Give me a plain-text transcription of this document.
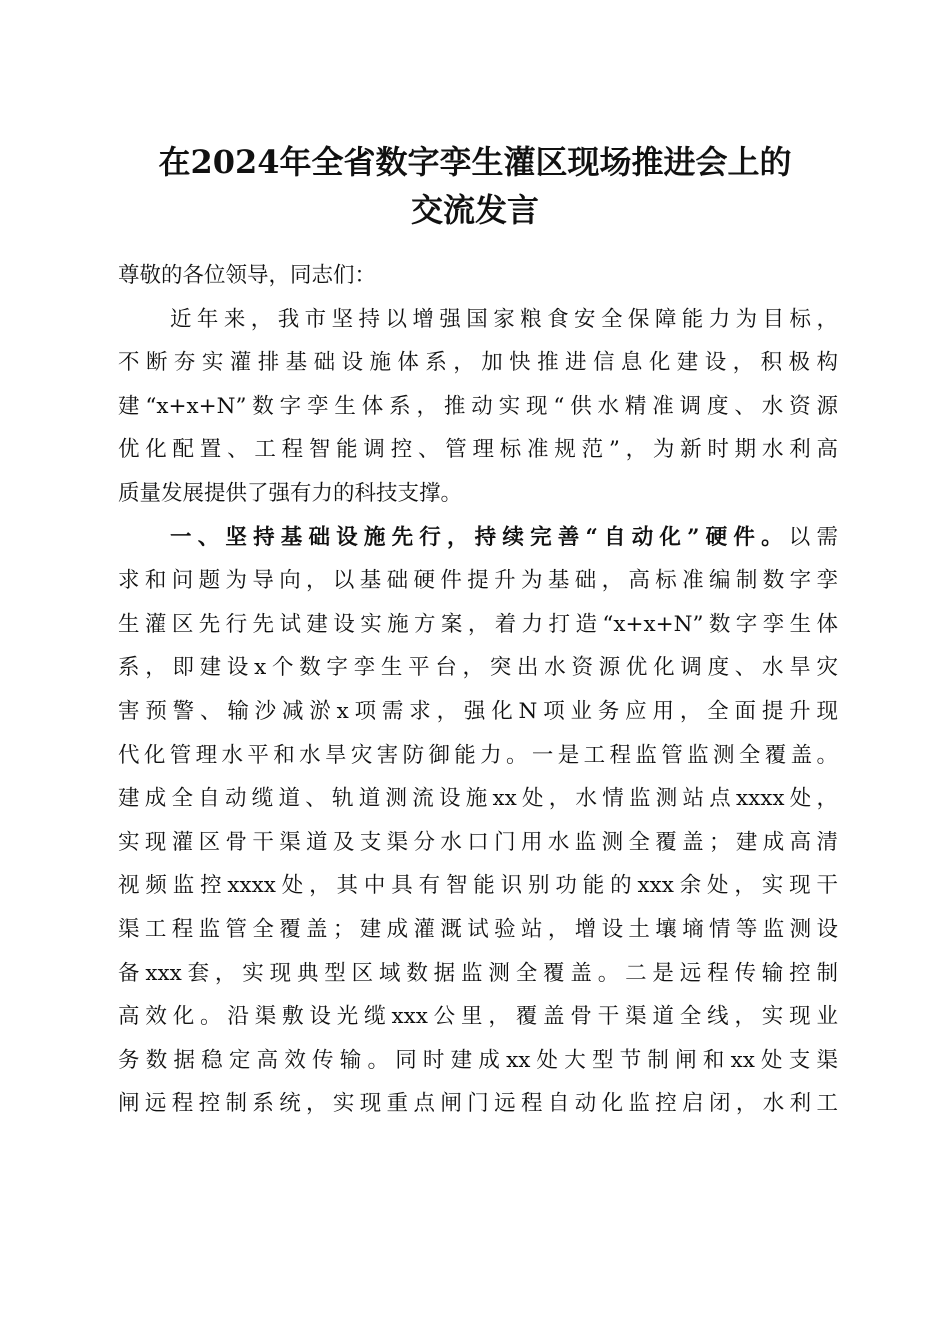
在2024年全省数字孪生灌区现场推进会上的
交流发言
尊敬的各位领导，同志们：
近年来，我市坚持以增强国家粮食安全保障能力为目标，
不断夯实灌排基础设施体系，加快推进信息化建设，积极构
建“x+x+N”数字孪生体系，推动实现“供水精准调度、水资源
优化配置、工程智能调控、管理标准规范”，为新时期水利高
质量发展提供了强有力的科技支撑。
一、坚持基础设施先行，持续完善“自动化”硬件。以需
求和问题为导向，以基础硬件提升为基础，高标准编制数字孪
生灌区先行先试建设实施方案，着力打造“x+x+N”数字孪生体
系，即建设x个数字孪生平台，突出水资源优化调度、水旱灾
害预警、输沙减淤x项需求，强化N项业务应用，全面提升现
代化管理水平和水旱灾害防御能力。一是工程监管监测全覆盖。
建成全自动缆道、轨道测流设施xx处，水情监测站点xxxx处，
实现灌区骨干渠道及支渠分水口门用水监测全覆盖；建成高清
视频监控xxxx处，其中具有智能识别功能的xxx余处，实现干
渠工程监管全覆盖；建成灌溉试验站，增设土壤墒情等监测设
备xxx套，实现典型区域数据监测全覆盖。二是远程传输控制
高效化。沿渠敷设光缆xxx公里，覆盖骨干渠道全线，实现业
务数据稳定高效传输。同时建成xx处大型节制闸和xx处支渠
闸远程控制系统，实现重点闸门远程自动化监控启闭，水利工
